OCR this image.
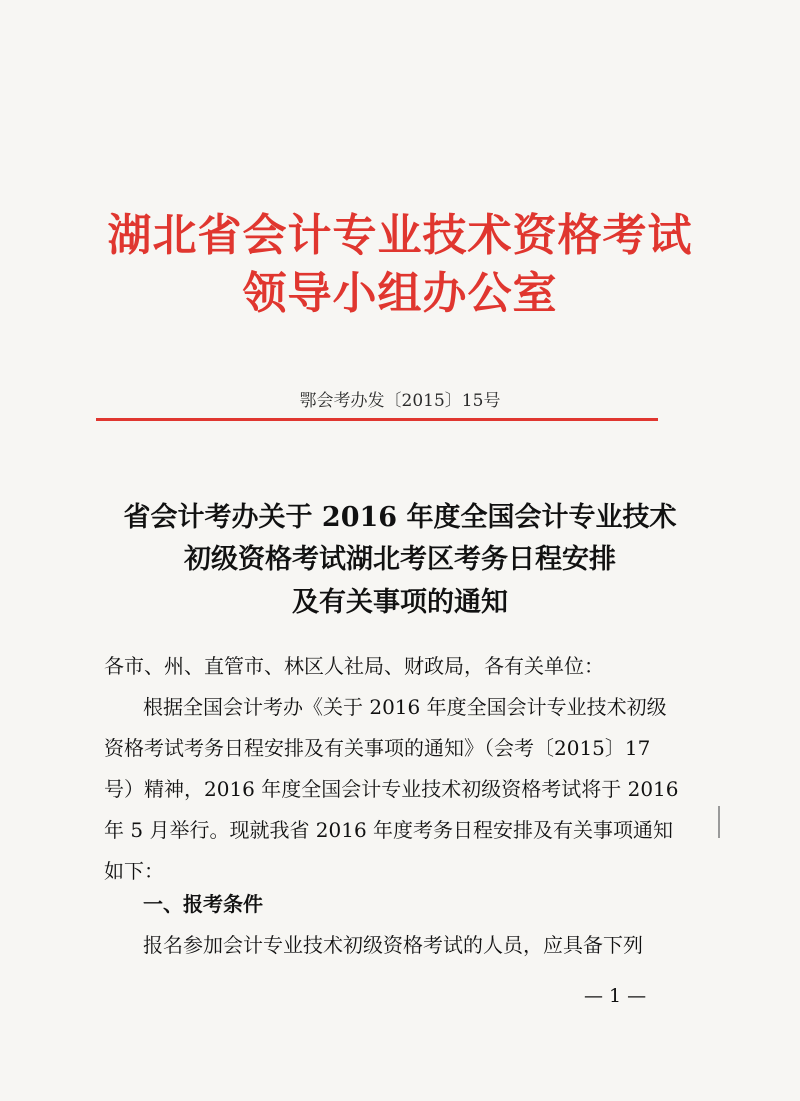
湖北省会计专业技术资格考试
领导小组办公室
鄂会考办发〔2015〕15号
省会计考办关于 2016 年度全国会计专业技术
初级资格考试湖北考区考务日程安排
及有关事项的通知
各市、州、直管市、林区人社局、财政局，各有关单位：
根据全国会计考办《关于 2016 年度全国会计专业技术初级
资格考试考务日程安排及有关事项的通知》（会考〔2015〕17
号）精神，2016 年度全国会计专业技术初级资格考试将于 2016
年 5 月举行。现就我省 2016 年度考务日程安排及有关事项通知
如下：
一、报考条件
报名参加会计专业技术初级资格考试的人员，应具备下列
— 1 —
